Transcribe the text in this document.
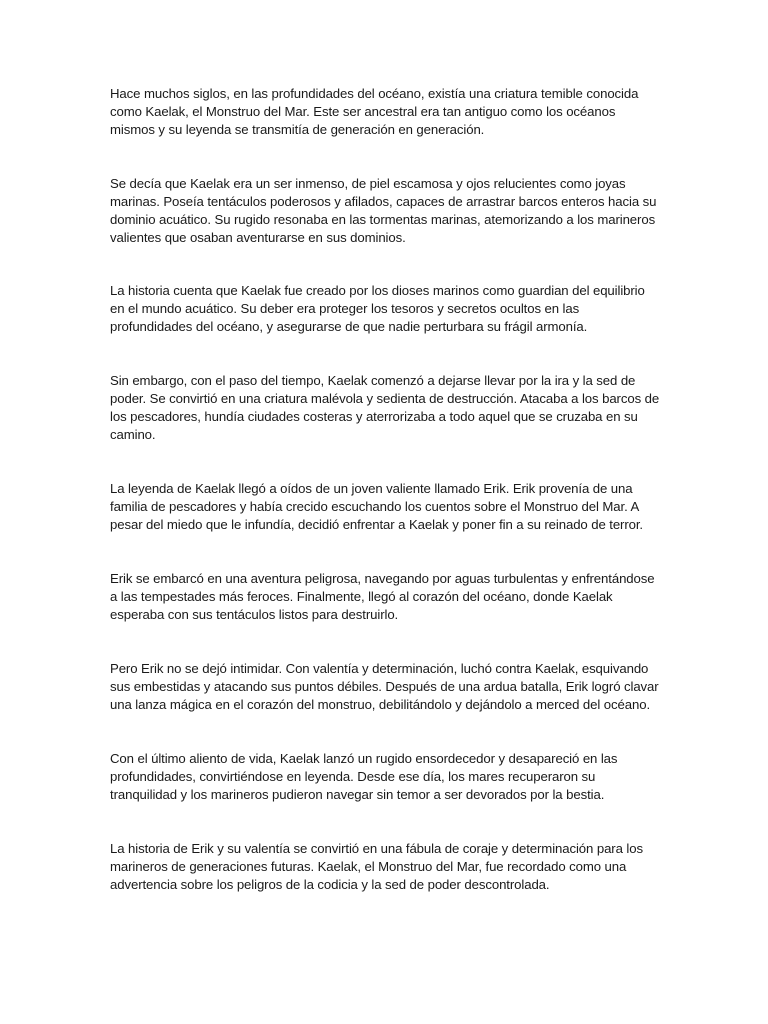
Hace muchos siglos, en las profundidades del océano, existía una criatura temible conocida
como Kaelak, el Monstruo del Mar. Este ser ancestral era tan antiguo como los océanos
mismos y su leyenda se transmitía de generación en generación.

Se decía que Kaelak era un ser inmenso, de piel escamosa y ojos relucientes como joyas
marinas. Poseía tentáculos poderosos y afilados, capaces de arrastrar barcos enteros hacia su
dominio acuático. Su rugido resonaba en las tormentas marinas, atemorizando a los marineros
valientes que osaban aventurarse en sus dominios.

La historia cuenta que Kaelak fue creado por los dioses marinos como guardian del equilibrio
en el mundo acuático. Su deber era proteger los tesoros y secretos ocultos en las
profundidades del océano, y asegurarse de que nadie perturbara su frágil armonía.

Sin embargo, con el paso del tiempo, Kaelak comenzó a dejarse llevar por la ira y la sed de
poder. Se convirtió en una criatura malévola y sedienta de destrucción. Atacaba a los barcos de
los pescadores, hundía ciudades costeras y aterrorizaba a todo aquel que se cruzaba en su
camino.

La leyenda de Kaelak llegó a oídos de un joven valiente llamado Erik. Erik provenía de una
familia de pescadores y había crecido escuchando los cuentos sobre el Monstruo del Mar. A
pesar del miedo que le infundía, decidió enfrentar a Kaelak y poner fin a su reinado de terror.

Erik se embarcó en una aventura peligrosa, navegando por aguas turbulentas y enfrentándose
a las tempestades más feroces. Finalmente, llegó al corazón del océano, donde Kaelak
esperaba con sus tentáculos listos para destruirlo.

Pero Erik no se dejó intimidar. Con valentía y determinación, luchó contra Kaelak, esquivando
sus embestidas y atacando sus puntos débiles. Después de una ardua batalla, Erik logró clavar
una lanza mágica en el corazón del monstruo, debilitándolo y dejándolo a merced del océano.

Con el último aliento de vida, Kaelak lanzó un rugido ensordecedor y desapareció en las
profundidades, convirtiéndose en leyenda. Desde ese día, los mares recuperaron su
tranquilidad y los marineros pudieron navegar sin temor a ser devorados por la bestia.

La historia de Erik y su valentía se convirtió en una fábula de coraje y determinación para los
marineros de generaciones futuras. Kaelak, el Monstruo del Mar, fue recordado como una
advertencia sobre los peligros de la codicia y la sed de poder descontrolada.
